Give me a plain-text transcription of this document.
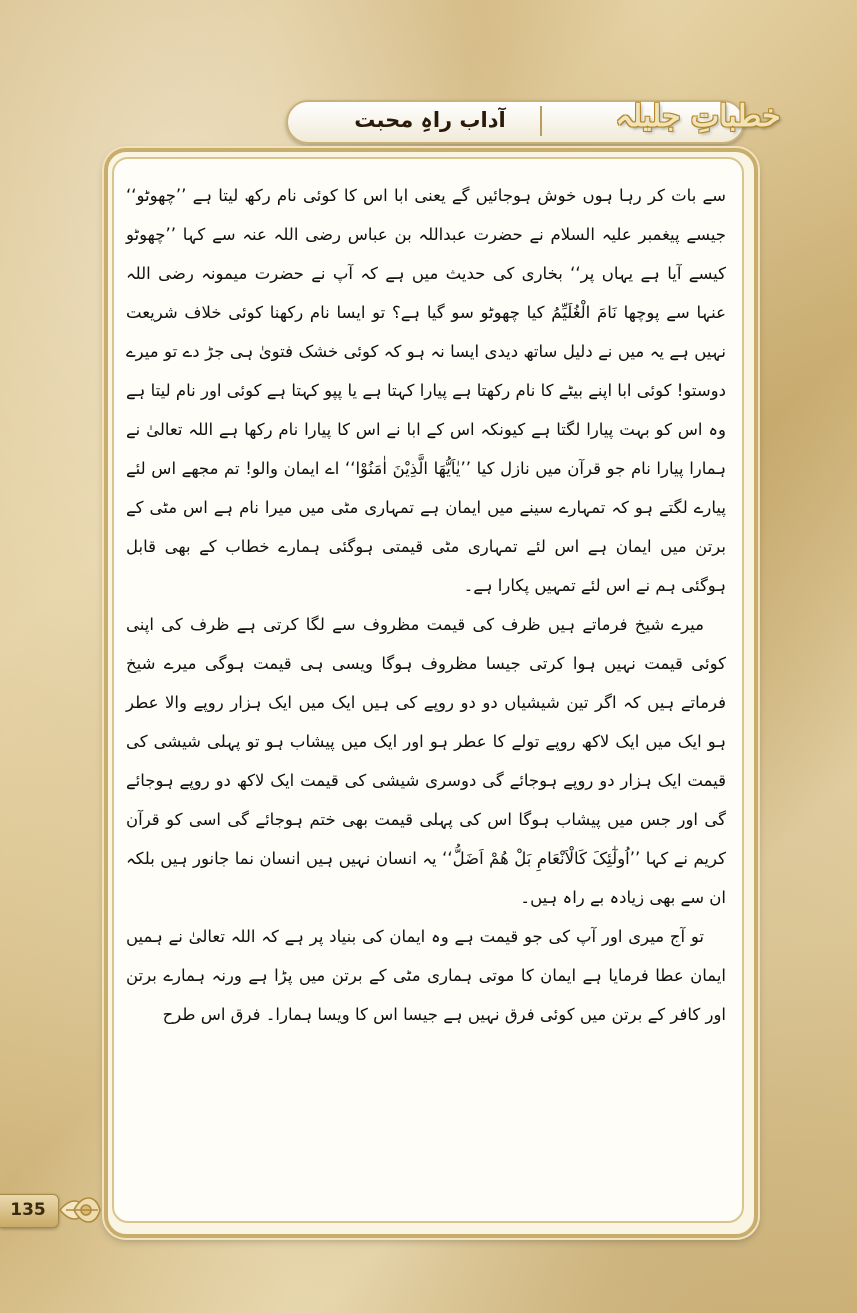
آداب راہِ محبت	خطباتِ جلیلہ

سے بات کر رہا ہوں خوش ہوجائیں گے یعنی ابا اس کا کوئی نام رکھ لیتا ہے ’’چھوٹو‘‘ جیسے پیغمبر علیہ السلام نے حضرت عبداللہ بن عباس رضی اللہ عنہ سے کہا ’’چھوٹو کیسے آیا ہے یہاں پر‘‘ بخاری کی حدیث میں ہے کہ آپ نے حضرت میمونہ رضی اللہ عنہا سے پوچھا نَامَ الْغُلَیِّمُ کیا چھوٹو سو گیا ہے؟ تو ایسا نام رکھنا کوئی خلاف شریعت نہیں ہے یہ میں نے دلیل ساتھ دیدی ایسا نہ ہو کہ کوئی خشک فتویٰ ہی جڑ دے تو میرے دوستو! کوئی ابا اپنے بیٹے کا نام رکھتا ہے پیارا کہتا ہے یا پپو کہتا ہے کوئی اور نام لیتا ہے وہ اس کو بہت پیارا لگتا ہے کیونکہ اس کے ابا نے اس کا پیارا نام رکھا ہے اللہ تعالیٰ نے ہمارا پیارا نام جو قرآن میں نازل کیا ’’یٰاَیُّھَا الَّذِیْنَ اٰمَنُوْا‘‘ اے ایمان والو! تم مجھے اس لئے پیارے لگتے ہو کہ تمہارے سینے میں ایمان ہے تمہاری مٹی میں میرا نام ہے اس مٹی کے برتن میں ایمان ہے اس لئے تمہاری مٹی قیمتی ہوگئی ہمارے خطاب کے بھی قابل ہوگئی ہم نے اس لئے تمہیں پکارا ہے۔

میرے شیخ فرماتے ہیں ظرف کی قیمت مظروف سے لگا کرتی ہے ظرف کی اپنی کوئی قیمت نہیں ہوا کرتی جیسا مظروف ہوگا ویسی ہی قیمت ہوگی میرے شیخ فرماتے ہیں کہ اگر تین شیشیاں دو دو روپے کی ہیں ایک میں ایک ہزار روپے والا عطر ہو ایک میں ایک لاکھ روپے تولے کا عطر ہو اور ایک میں پیشاب ہو تو پہلی شیشی کی قیمت ایک ہزار دو روپے ہوجائے گی دوسری شیشی کی قیمت ایک لاکھ دو روپے ہوجائے گی اور جس میں پیشاب ہوگا اس کی پہلی قیمت بھی ختم ہوجائے گی اسی کو قرآن کریم نے کہا ’’اُولٰٓئِکَ کَالْاَنْعَامِ بَلْ ھُمْ اَضَلُّ‘‘ یہ انسان نہیں ہیں انسان نما جانور ہیں بلکہ ان سے بھی زیادہ بے راہ ہیں۔

تو آج میری اور آپ کی جو قیمت ہے وہ ایمان کی بنیاد پر ہے کہ اللہ تعالیٰ نے ہمیں ایمان عطا فرمایا ہے ایمان کا موتی ہماری مٹی کے برتن میں پڑا ہے ورنہ ہمارے برتن اور کافر کے برتن میں کوئی فرق نہیں ہے جیسا اس کا ویسا ہمارا۔ فرق اس طرح

135
